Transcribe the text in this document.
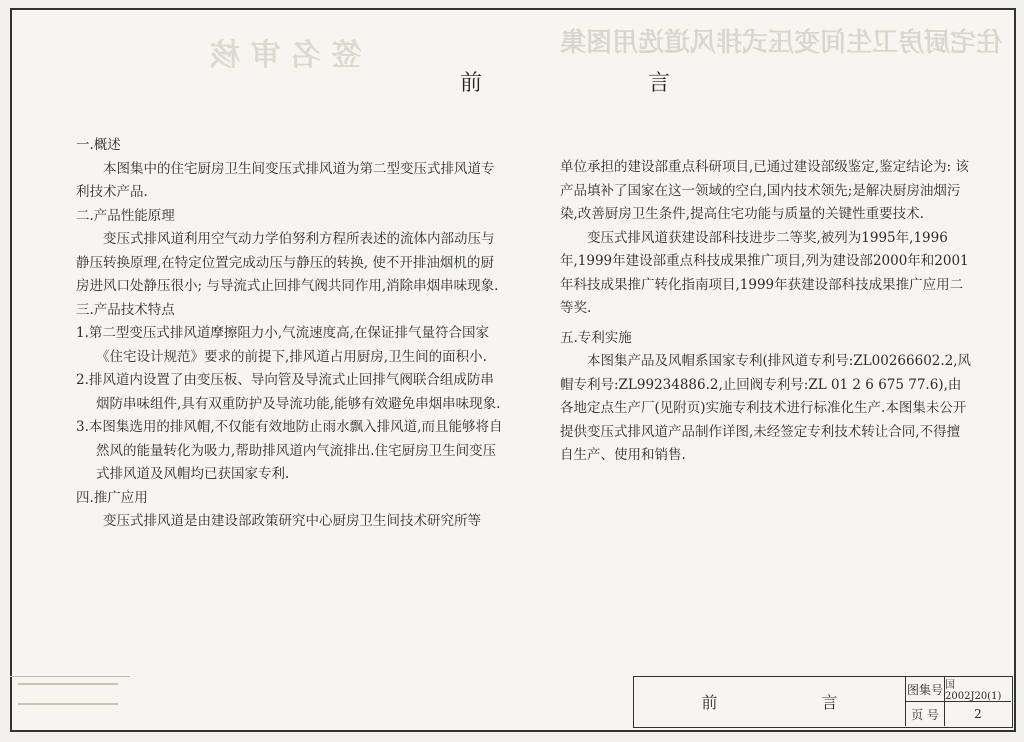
住宅厨房卫生间变压式排风道选用图集
签 名 审 核
前　言

一.概述

本图集中的住宅厨房卫生间变压式排风道为第二型变压式排风道专利技术产品.

二.产品性能原理

变压式排风道利用空气动力学伯努利方程所表述的流体内部动压与静压转换原理,在特定位置完成动压与静压的转换, 使不开排油烟机的厨房进风口处静压很小; 与导流式止回排气阀共同作用,消除串烟串味现象.

三.产品技术特点

1.第二型变压式排风道摩擦阻力小,气流速度高,在保证排气量符合国家《住宅设计规范》要求的前提下,排风道占用厨房,卫生间的面积小.

2.排风道内设置了由变压板、导向管及导流式止回排气阀联合组成防串烟防串味组件,具有双重防护及导流功能,能够有效避免串烟串味现象.

3.本图集选用的排风帽,不仅能有效地防止雨水飘入排风道,而且能够将自然风的能量转化为吸力,帮助排风道内气流排出.住宅厨房卫生间变压式排风道及风帽均已获国家专利.

四.推广应用

变压式排风道是由建设部政策研究中心厨房卫生间技术研究所等

单位承担的建设部重点科研项目,已通过建设部级鉴定,鉴定结论为: 该产品填补了国家在这一领域的空白,国内技术领先;是解决厨房油烟污染,改善厨房卫生条件,提高住宅功能与质量的关键性重要技术.

变压式排风道获建设部科技进步二等奖,被列为1995年,1996年,1999年建设部重点科技成果推广项目,列为建设部2000年和2001年科技成果推广转化指南项目,1999年获建设部科技成果推广应用二等奖.

五.专利实施

本图集产品及风帽系国家专利(排风道专利号:ZL00266602.2,风帽专利号:ZL99234886.2,止回阀专利号:ZL 01 2 6 675 77.6),由各地定点生产厂(见附页)实施专利技术进行标准化生产.本图集未公开提供变压式排风道产品制作详图,未经签定专利技术转让合同,不得擅自生产、使用和销售.

前　言
图集号 国2002J20(1)
页 号	2
